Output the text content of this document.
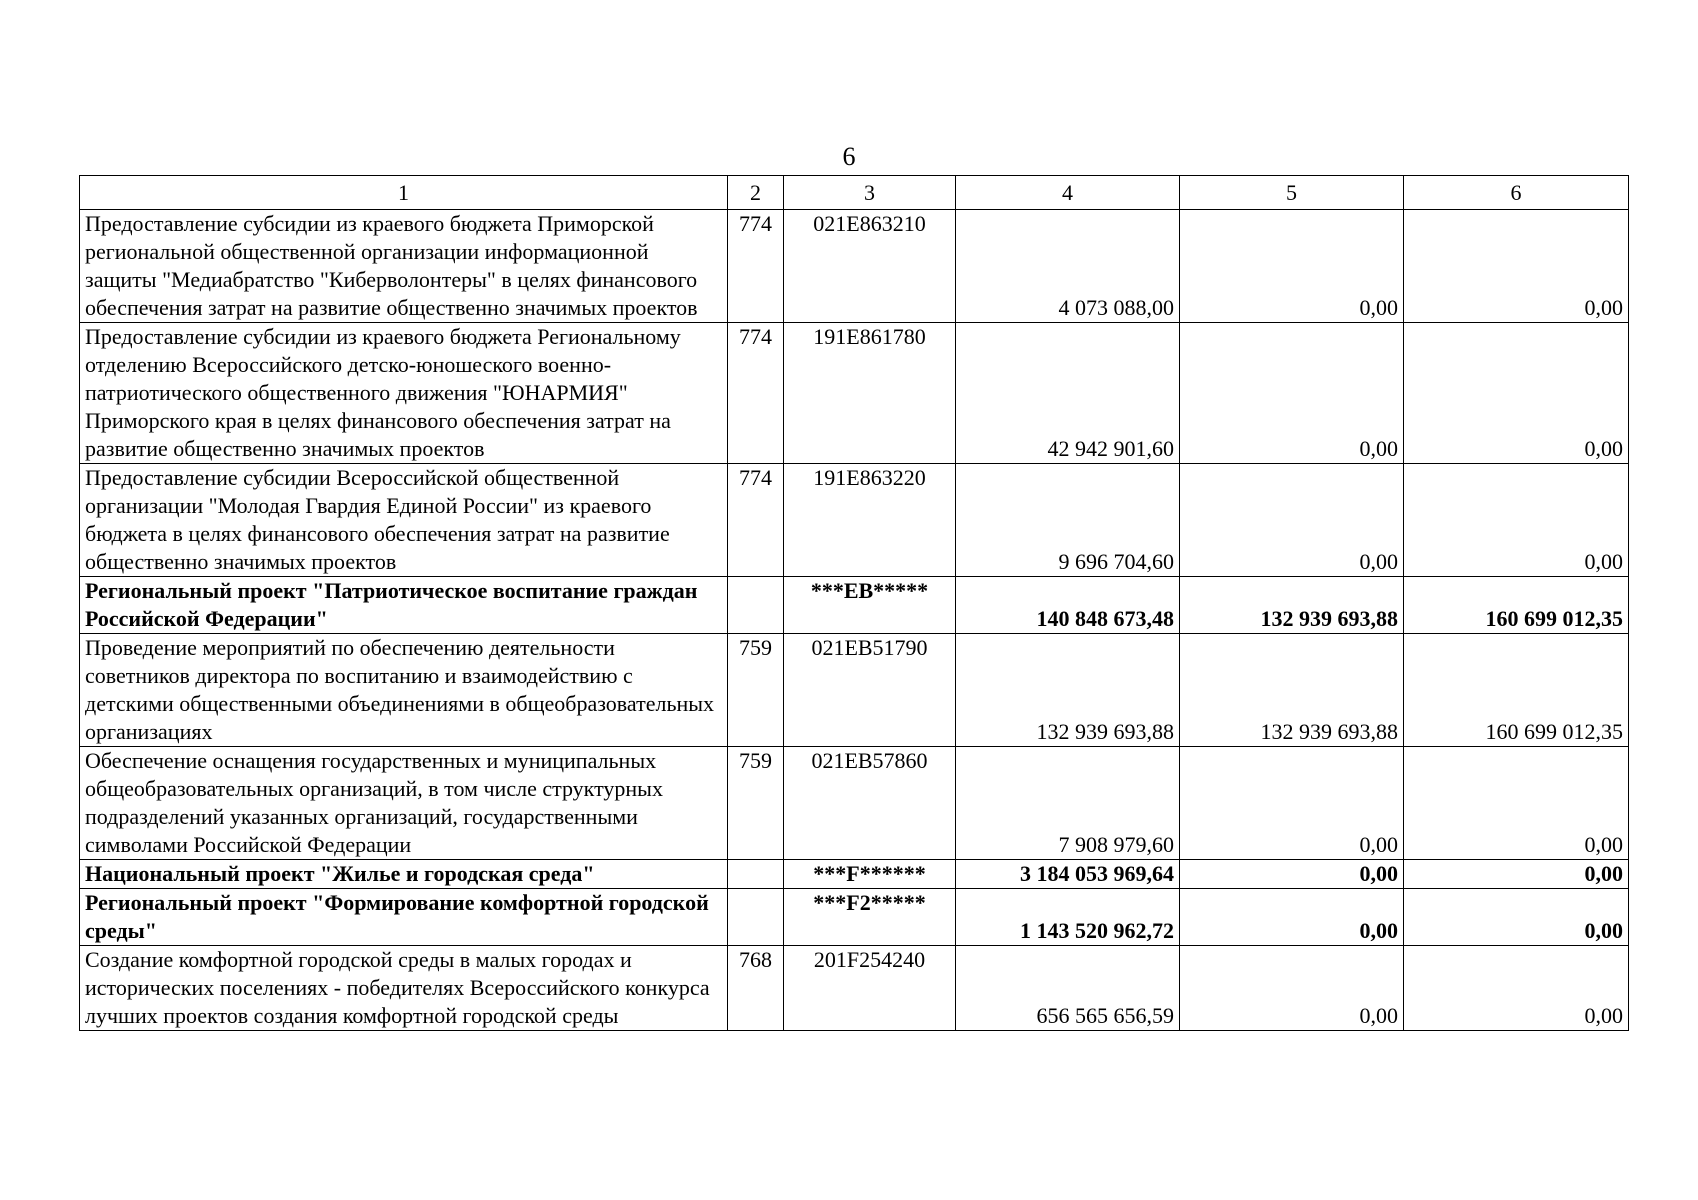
6
1	2	3	4	5	6
Предоставление субсидии из краевого бюджета Приморской региональной общественной организации информационной защиты "Медиабратство "Киберволонтеры" в целях финансового обеспечения затрат на развитие общественно значимых проектов	774	021E863210	4 073 088,00	0,00	0,00
Предоставление субсидии из краевого бюджета Региональному отделению Всероссийского детско-юношеского военно-патриотического общественного движения "ЮНАРМИЯ" Приморского края в целях финансового обеспечения затрат на развитие общественно значимых проектов	774	191E861780	42 942 901,60	0,00	0,00
Предоставление субсидии Всероссийской общественной организации "Молодая Гвардия Единой России" из краевого бюджета в целях финансового обеспечения затрат на развитие общественно значимых проектов	774	191E863220	9 696 704,60	0,00	0,00
Региональный проект "Патриотическое воспитание граждан Российской Федерации"		***EB*****	140 848 673,48	132 939 693,88	160 699 012,35
Проведение мероприятий по обеспечению деятельности советников директора по воспитанию и взаимодействию с детскими общественными объединениями в общеобразовательных организациях	759	021EB51790	132 939 693,88	132 939 693,88	160 699 012,35
Обеспечение оснащения государственных и муниципальных общеобразовательных организаций, в том числе структурных подразделений указанных организаций, государственными символами Российской Федерации	759	021EB57860	7 908 979,60	0,00	0,00
Национальный проект "Жилье и городская среда"		***F******	3 184 053 969,64	0,00	0,00
Региональный проект "Формирование комфортной городской среды"		***F2*****	1 143 520 962,72	0,00	0,00
Создание комфортной городской среды в малых городах и исторических поселениях - победителях Всероссийского конкурса лучших проектов создания комфортной городской среды	768	201F254240	656 565 656,59	0,00	0,00
